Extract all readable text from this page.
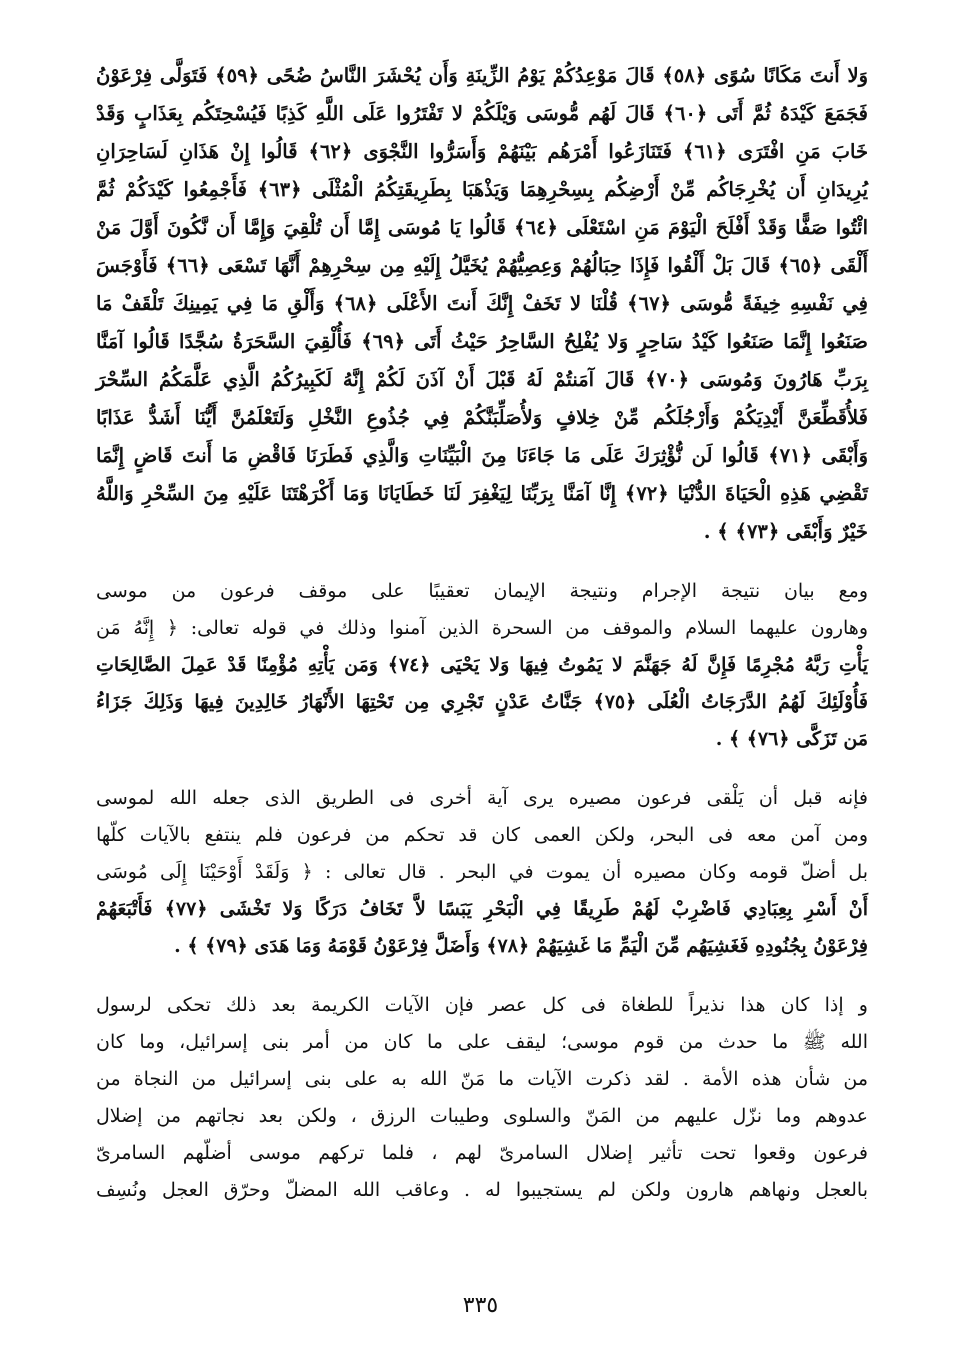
وَلا أَنتَ مَكَانًا سُوًى ﴿٥٨﴾ قَالَ مَوْعِدُكُمْ يَوْمُ الزِّينَةِ وَأَن يُحْشَرَ النَّاسُ ضُحًى ﴿٥٩﴾ فَتَوَلَّى فِرْعَوْنُ
فَجَمَعَ كَيْدَهُ ثُمَّ أَتَى ﴿٦٠﴾ قَالَ لَهُم مُّوسَى وَيْلَكُمْ لا تَفْتَرُوا عَلَى اللَّهِ كَذِبًا فَيُسْحِتَكُم بِعَذَابٍ وَقَدْ
خَابَ مَنِ افْتَرَى ﴿٦١﴾ فَتَنَازَعُوا أَمْرَهُم بَيْنَهُمْ وَأَسَرُّوا النَّجْوَى ﴿٦٢﴾ قَالُوا إِنْ هَذَانِ لَسَاحِرَانِ
يُرِيدَانِ أَن يُخْرِجَاكُم مِّنْ أَرْضِكُم بِسِحْرِهِمَا وَيَذْهَبَا بِطَرِيقَتِكُمُ الْمُثْلَى ﴿٦٣﴾ فَأَجْمِعُوا كَيْدَكُمْ ثُمَّ
ائْتُوا صَفًّا وَقَدْ أَفْلَحَ الْيَوْمَ مَنِ اسْتَعْلَى ﴿٦٤﴾ قَالُوا يَا مُوسَى إِمَّا أَن تُلْقِيَ وَإِمَّا أَن نَّكُونَ أَوَّلَ مَنْ
أَلْقَى ﴿٦٥﴾ قَالَ بَلْ أَلْقُوا فَإِذَا حِبَالُهُمْ وَعِصِيُّهُمْ يُخَيَّلُ إِلَيْهِ مِن سِحْرِهِمْ أَنَّهَا تَسْعَى ﴿٦٦﴾ فَأَوْجَسَ
فِي نَفْسِهِ خِيفَةً مُّوسَى ﴿٦٧﴾ قُلْنَا لا تَخَفْ إِنَّكَ أَنتَ الأَعْلَى ﴿٦٨﴾ وَأَلْقِ مَا فِي يَمِينِكَ تَلْقَفْ مَا
صَنَعُوا إِنَّمَا صَنَعُوا كَيْدُ سَاحِرٍ وَلا يُفْلِحُ السَّاحِرُ حَيْثُ أَتَى ﴿٦٩﴾ فَأُلْقِيَ السَّحَرَةُ سُجَّدًا قَالُوا آمَنَّا
بِرَبِّ هَارُونَ وَمُوسَى ﴿٧٠﴾ قَالَ آمَنتُمْ لَهُ قَبْلَ أَنْ آذَنَ لَكُمْ إِنَّهُ لَكَبِيرُكُمُ الَّذِي عَلَّمَكُمُ السِّحْرَ
فَلأُقَطِّعَنَّ أَيْدِيَكُمْ وَأَرْجُلَكُم مِّنْ خِلافٍ وَلأُصَلِّبَنَّكُمْ فِي جُذُوعِ النَّخْلِ وَلَتَعْلَمُنَّ أَيُّنَا أَشَدُّ عَذَابًا
وَأَبْقَى ﴿٧١﴾ قَالُوا لَن نُّؤْثِرَكَ عَلَى مَا جَاءَنَا مِنَ الْبَيِّنَاتِ وَالَّذِي فَطَرَنَا فَاقْضِ مَا أَنتَ قَاضٍ إِنَّمَا
تَقْضِي هَذِهِ الْحَيَاةَ الدُّنْيَا ﴿٧٢﴾ إِنَّا آمَنَّا بِرَبِّنَا لِيَغْفِرَ لَنَا خَطَايَانَا وَمَا أَكْرَهْتَنَا عَلَيْهِ مِنَ السِّحْرِ وَاللَّهُ
خَيْرٌ وَأَبْقَى ﴿٧٣﴾ ﴾ .
ومع بيان نتيجة الإجرام ونتيجة الإيمان تعقيبًا على موقف فرعون من موسى
وهارون عليهما السلام والموقف من السحرة الذين آمنوا وذلك في قوله تعالى: ﴿ إِنَّهُ مَن
يَأْتِ رَبَّهُ مُجْرِمًا فَإِنَّ لَهُ جَهَنَّمَ لا يَمُوتُ فِيهَا وَلا يَحْيَى ﴿٧٤﴾ وَمَن يَأْتِهِ مُؤْمِنًا قَدْ عَمِلَ الصَّالِحَاتِ
فَأُوْلَئِكَ لَهُمُ الدَّرَجَاتُ الْعُلَى ﴿٧٥﴾ جَنَّاتُ عَدْنٍ تَجْرِي مِن تَحْتِهَا الأَنْهَارُ خَالِدِينَ فِيهَا وَذَلِكَ جَزَاءُ
مَن تَزَكَّى ﴿٧٦﴾ ﴾ .
فإنه قبل أن يَلْقى فرعون مصيره يرى آية أخرى فى الطريق الذى جعله الله لموسى
ومن آمن معه فى البحر، ولكن العمى كان قد تحكم من فرعون فلم ينتفع بالآيات كلّها
بل أضلّ قومه وكان مصيره أن يموت في البحر . قال تعالى : ﴿ وَلَقَدْ أَوْحَيْنَا إِلَى مُوسَى
أَنْ أَسْرِ بِعِبَادِي فَاضْرِبْ لَهُمْ طَرِيقًا فِي الْبَحْرِ يَبَسًا لاَّ تَخَافُ دَرَكًا وَلا تَخْشَى ﴿٧٧﴾ فَأَتْبَعَهُمْ
فِرْعَوْنُ بِجُنُودِهِ فَغَشِيَهُم مِّنَ الْيَمِّ مَا غَشِيَهُمْ ﴿٧٨﴾ وَأَضَلَّ فِرْعَوْنُ قَوْمَهُ وَمَا هَدَى ﴿٧٩﴾ ﴾ .
و إذا كان هذا نذيراً للطغاة فى كل عصر فإن الآيات الكريمة بعد ذلك تحكى لرسول
الله ﷺ ما حدث من قوم موسى؛ ليقف على ما كان من أمر بنى إسرائيل، وما كان
من شأن هذه الأمة . لقد ذكرت الآيات ما مَنّ الله به على بنى إسرائيل من النجاة من
عدوهم وما نزّل عليهم من المَنّ والسلوى وطيبات الرزق ، ولكن بعد نجاتهم من إضلال
فرعون وقعوا تحت تأثير إضلال السامرىّ لهم ، فلما تركهم موسى أضلّهم السامرىّ
بالعجل ونهاهم هارون ولكن لم يستجيبوا له . وعاقب الله المضلّ وحرّق العجل ونُسِف
٣٣٥
